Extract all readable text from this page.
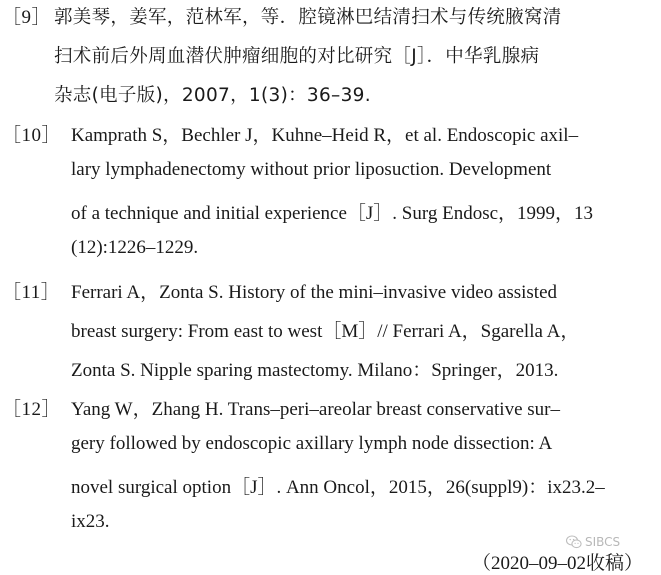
［9］ 郭美琴，姜军，范林军，等．腔镜淋巴结清扫术与传统腋窝清
扫术前后外周血潜伏肿瘤细胞的对比研究［J］．中华乳腺病
杂志(电子版)，2007，1(3)：36–39.
［10］ Kamprath S，Bechler J，Kuhne–Heid R，et al. Endoscopic axil–
lary lymphadenectomy without prior liposuction. Development
of a technique and initial experience［J］. Surg Endosc，1999，13
(12):1226–1229.
［11］ Ferrari A，Zonta S. History of the mini–invasive video assisted
breast surgery: From east to west［M］// Ferrari A，Sgarella A，
Zonta S. Nipple sparing mastectomy. Milano：Springer，2013.
［12］ Yang W，Zhang H. Trans–peri–areolar breast conservative sur–
gery followed by endoscopic axillary lymph node dissection: A
novel surgical option［J］. Ann Oncol，2015，26(suppl9)：ix23.2–
ix23.
SIBCS
（2020–09–02收稿）
